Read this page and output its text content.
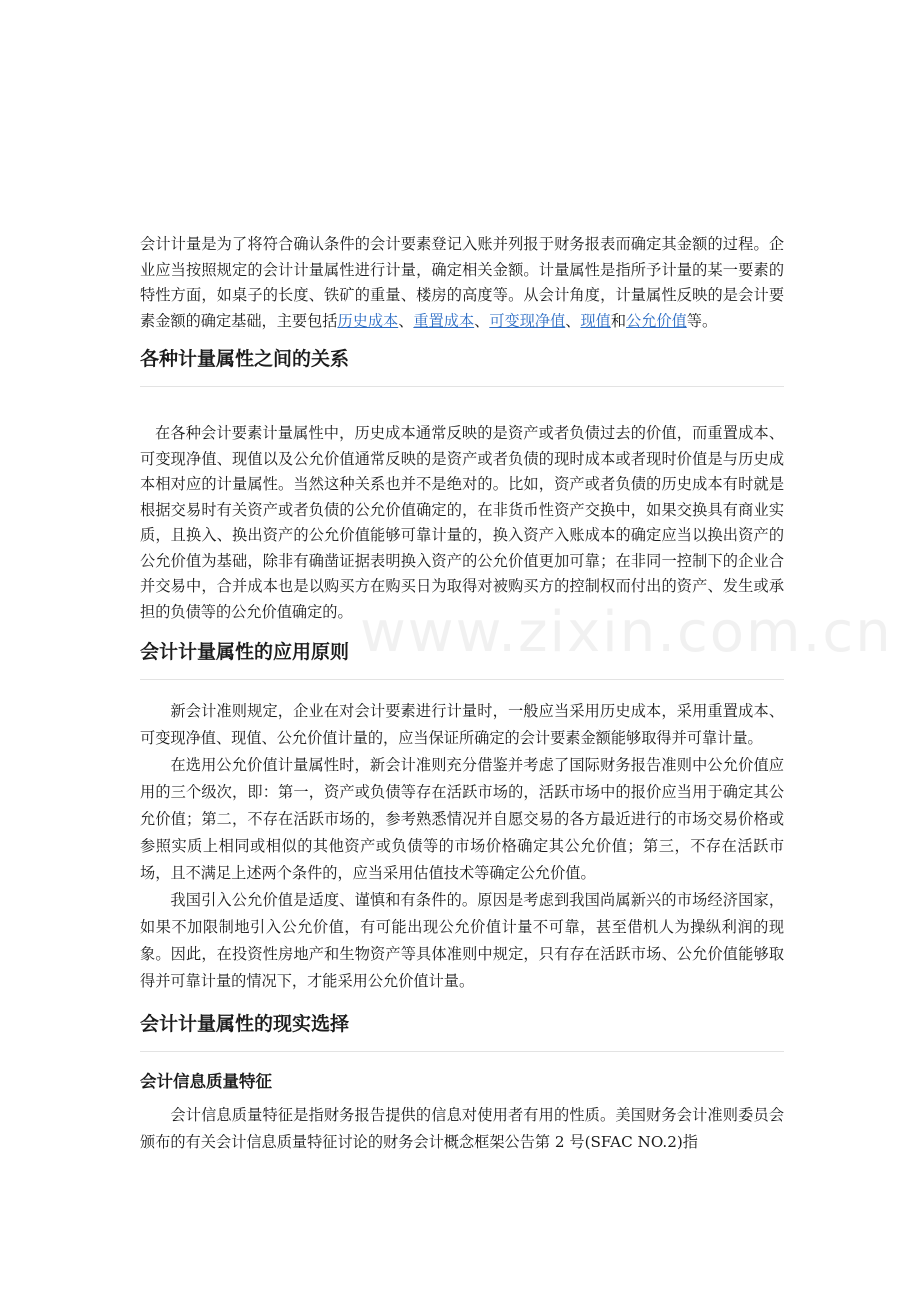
会计计量是为了将符合确认条件的会计要素登记入账并列报于财务报表而确定其金额的过程。企业应当按照规定的会计计量属性进行计量，确定相关金额。计量属性是指所予计量的某一要素的特性方面，如桌子的长度、铁矿的重量、楼房的高度等。从会计角度，计量属性反映的是会计要素金额的确定基础，主要包括历史成本、重置成本、可变现净值、现值和公允价值等。

各种计量属性之间的关系

在各种会计要素计量属性中，历史成本通常反映的是资产或者负债过去的价值，而重置成本、可变现净值、现值以及公允价值通常反映的是资产或者负债的现时成本或者现时价值是与历史成本相对应的计量属性。当然这种关系也并不是绝对的。比如，资产或者负债的历史成本有时就是根据交易时有关资产或者负债的公允价值确定的，在非货币性资产交换中，如果交换具有商业实质，且换入、换出资产的公允价值能够可靠计量的，换入资产入账成本的确定应当以换出资产的公允价值为基础，除非有确凿证据表明换入资产的公允价值更加可靠；在非同一控制下的企业合并交易中，合并成本也是以购买方在购买日为取得对被购买方的控制权而付出的资产、发生或承担的负债等的公允价值确定的。

会计计量属性的应用原则

新会计准则规定，企业在对会计要素进行计量时，一般应当采用历史成本，采用重置成本、可变现净值、现值、公允价值计量的，应当保证所确定的会计要素金额能够取得并可靠计量。

在选用公允价值计量属性时，新会计准则充分借鉴并考虑了国际财务报告准则中公允价值应用的三个级次，即：第一，资产或负债等存在活跃市场的，活跃市场中的报价应当用于确定其公允价值；第二，不存在活跃市场的，参考熟悉情况并自愿交易的各方最近进行的市场交易价格或参照实质上相同或相似的其他资产或负债等的市场价格确定其公允价值；第三，不存在活跃市场，且不满足上述两个条件的，应当采用估值技术等确定公允价值。

我国引入公允价值是适度、谨慎和有条件的。原因是考虑到我国尚属新兴的市场经济国家，如果不加限制地引入公允价值，有可能出现公允价值计量不可靠，甚至借机人为操纵利润的现象。因此，在投资性房地产和生物资产等具体准则中规定，只有存在活跃市场、公允价值能够取得并可靠计量的情况下，才能采用公允价值计量。

会计计量属性的现实选择
会计信息质量特征

会计信息质量特征是指财务报告提供的信息对使用者有用的性质。美国财务会计准则委员会颁布的有关会计信息质量特征讨论的财务会计概念框架公告第 2 号(SFAC NO.2)指

www.zixin.com.cn
